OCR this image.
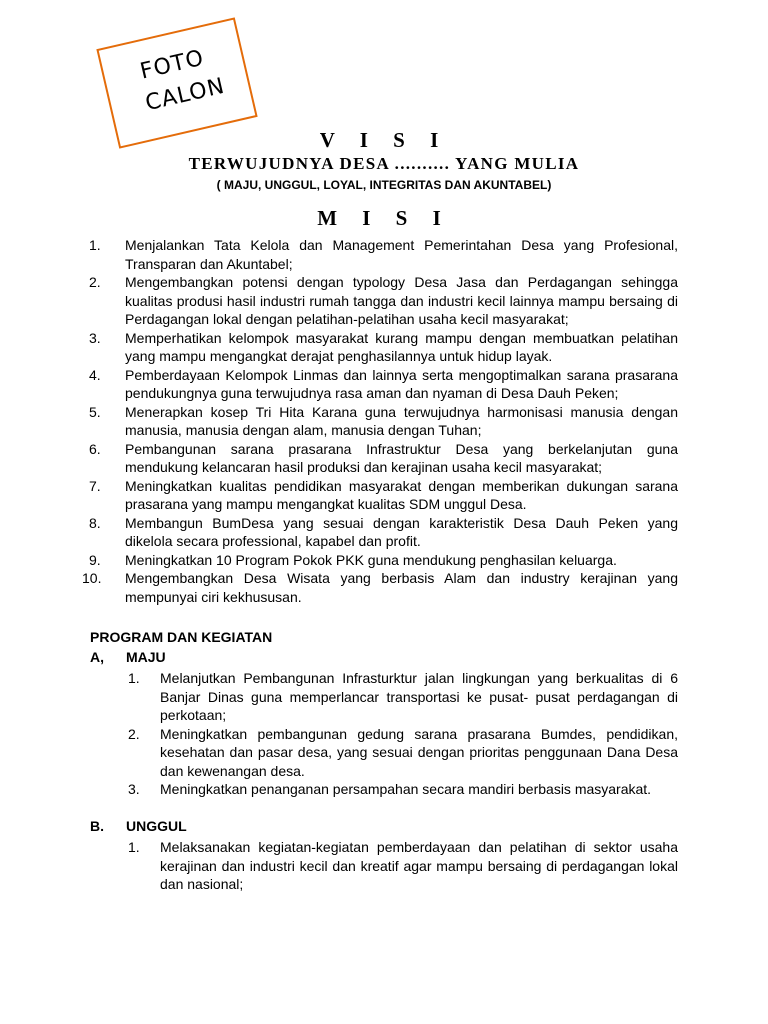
FOTO
CALON
V I S I

TERWUJUDNYA DESA .......... YANG MULIA

( MAJU, UNGGUL, LOYAL, INTEGRITAS DAN AKUNTABEL)

M I S I
1. Menjalankan Tata Kelola dan Management Pemerintahan Desa yang Profesional, Transparan dan Akuntabel;
2. Mengembangkan potensi dengan typology Desa Jasa dan Perdagangan sehingga kualitas produsi hasil industri rumah tangga dan industri kecil lainnya mampu bersaing di Perdagangan lokal dengan pelatihan-pelatihan usaha kecil masyarakat;
3. Memperhatikan kelompok masyarakat kurang mampu dengan membuatkan pelatihan yang mampu mengangkat derajat penghasilannya untuk hidup layak.
4. Pemberdayaan Kelompok Linmas dan lainnya serta mengoptimalkan sarana prasarana pendukungnya guna terwujudnya rasa aman dan nyaman di Desa Dauh Peken;
5. Menerapkan kosep Tri Hita Karana guna terwujudnya harmonisasi manusia dengan manusia, manusia dengan alam, manusia dengan Tuhan;
6. Pembangunan sarana prasarana Infrastruktur Desa yang berkelanjutan guna mendukung kelancaran hasil produksi dan kerajinan usaha kecil masyarakat;
7. Meningkatkan kualitas pendidikan masyarakat dengan memberikan dukungan sarana prasarana yang mampu mengangkat kualitas SDM unggul Desa.
8. Membangun BumDesa yang sesuai dengan karakteristik Desa Dauh Peken yang dikelola secara professional, kapabel dan profit.
9. Meningkatkan 10 Program Pokok PKK guna mendukung penghasilan keluarga.
10. Mengembangkan Desa Wisata yang berbasis Alam dan industry kerajinan yang mempunyai ciri kekhususan.
PROGRAM DAN KEGIATAN
A, MAJU
1. Melanjutkan Pembangunan Infrasturktur jalan lingkungan yang berkualitas di 6 Banjar Dinas guna memperlancar transportasi ke pusat- pusat perdagangan di perkotaan;
2. Meningkatkan pembangunan gedung sarana prasarana Bumdes, pendidikan, kesehatan dan pasar desa, yang sesuai dengan prioritas penggunaan Dana Desa dan kewenangan desa.
3. Meningkatkan penanganan persampahan secara mandiri berbasis masyarakat.
B. UNGGUL
1. Melaksanakan kegiatan-kegiatan pemberdayaan dan pelatihan di sektor usaha kerajinan dan industri kecil dan kreatif agar mampu bersaing di perdagangan lokal dan nasional;
